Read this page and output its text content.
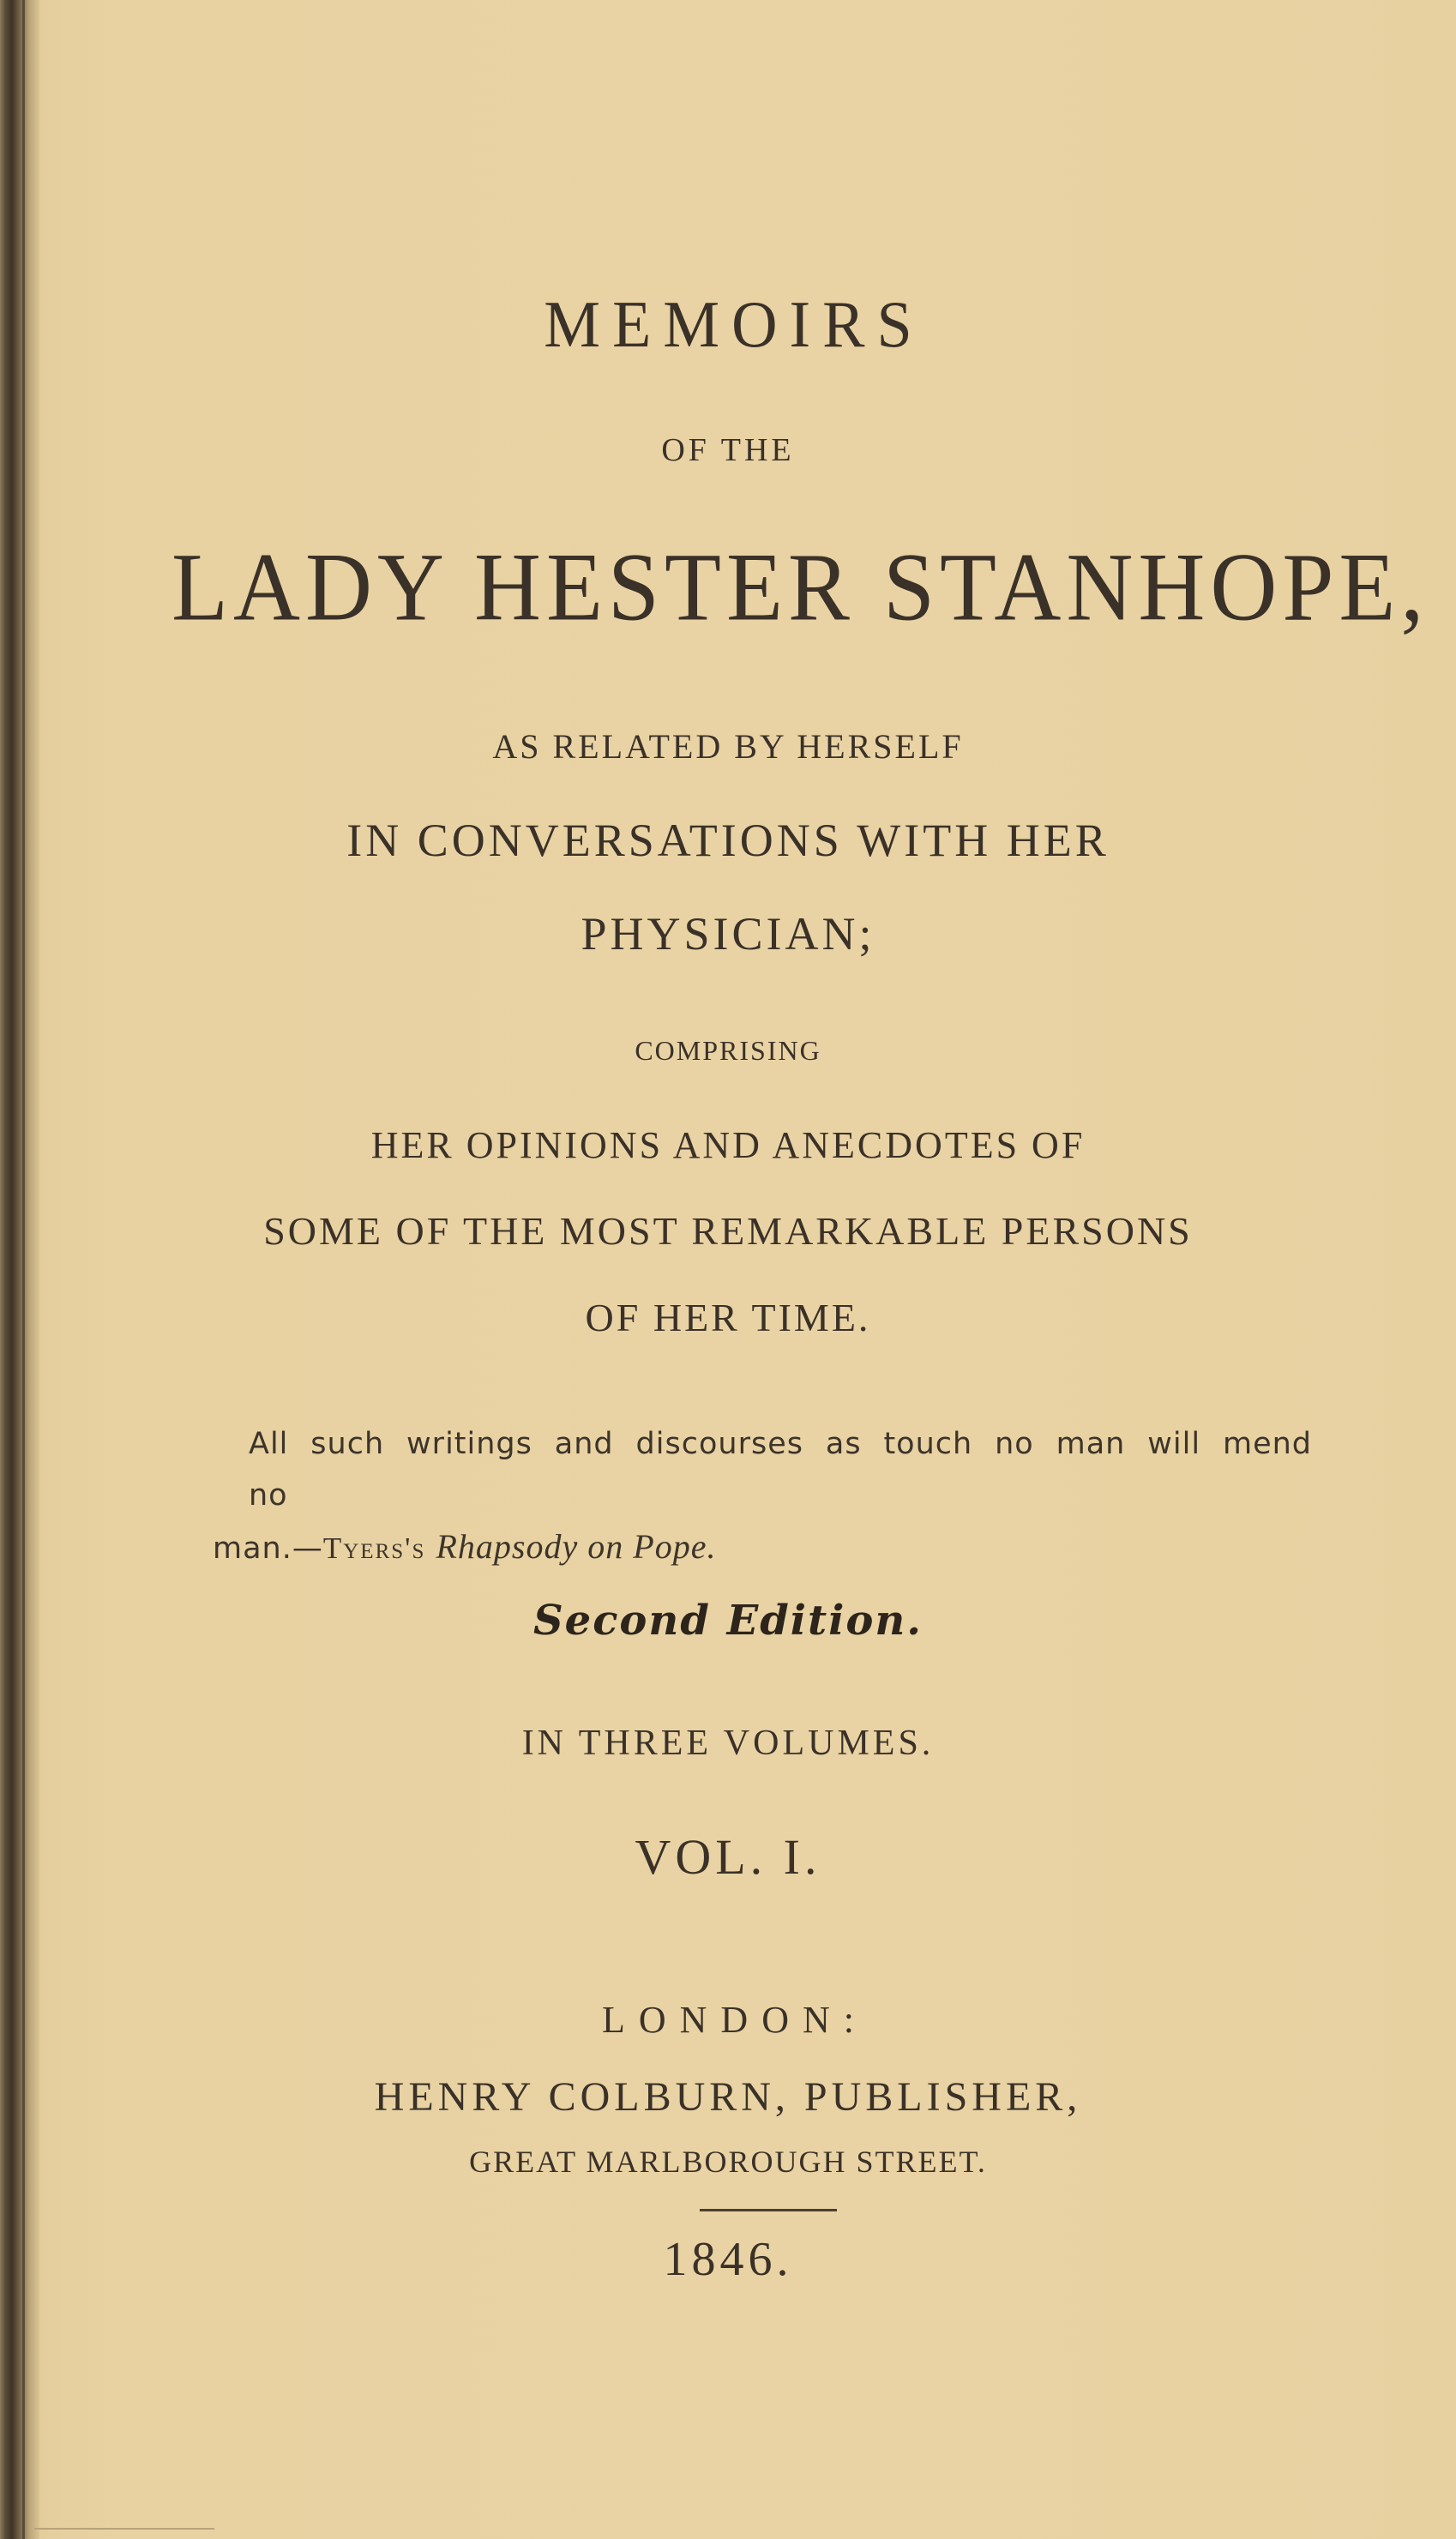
MEMOIRS
OF THE
LADY HESTER STANHOPE,
AS RELATED BY HERSELF
IN CONVERSATIONS WITH HER
PHYSICIAN;
COMPRISING
HER OPINIONS AND ANECDOTES OF
SOME OF THE MOST REMARKABLE PERSONS
OF HER TIME.
All such writings and discourses as touch no man will mend no
man.—Tyers's Rhapsody on Pope.
Second Edition.
IN THREE VOLUMES.
VOL. I.
LONDON:
HENRY COLBURN, PUBLISHER,
GREAT MARLBOROUGH STREET.
1846.
